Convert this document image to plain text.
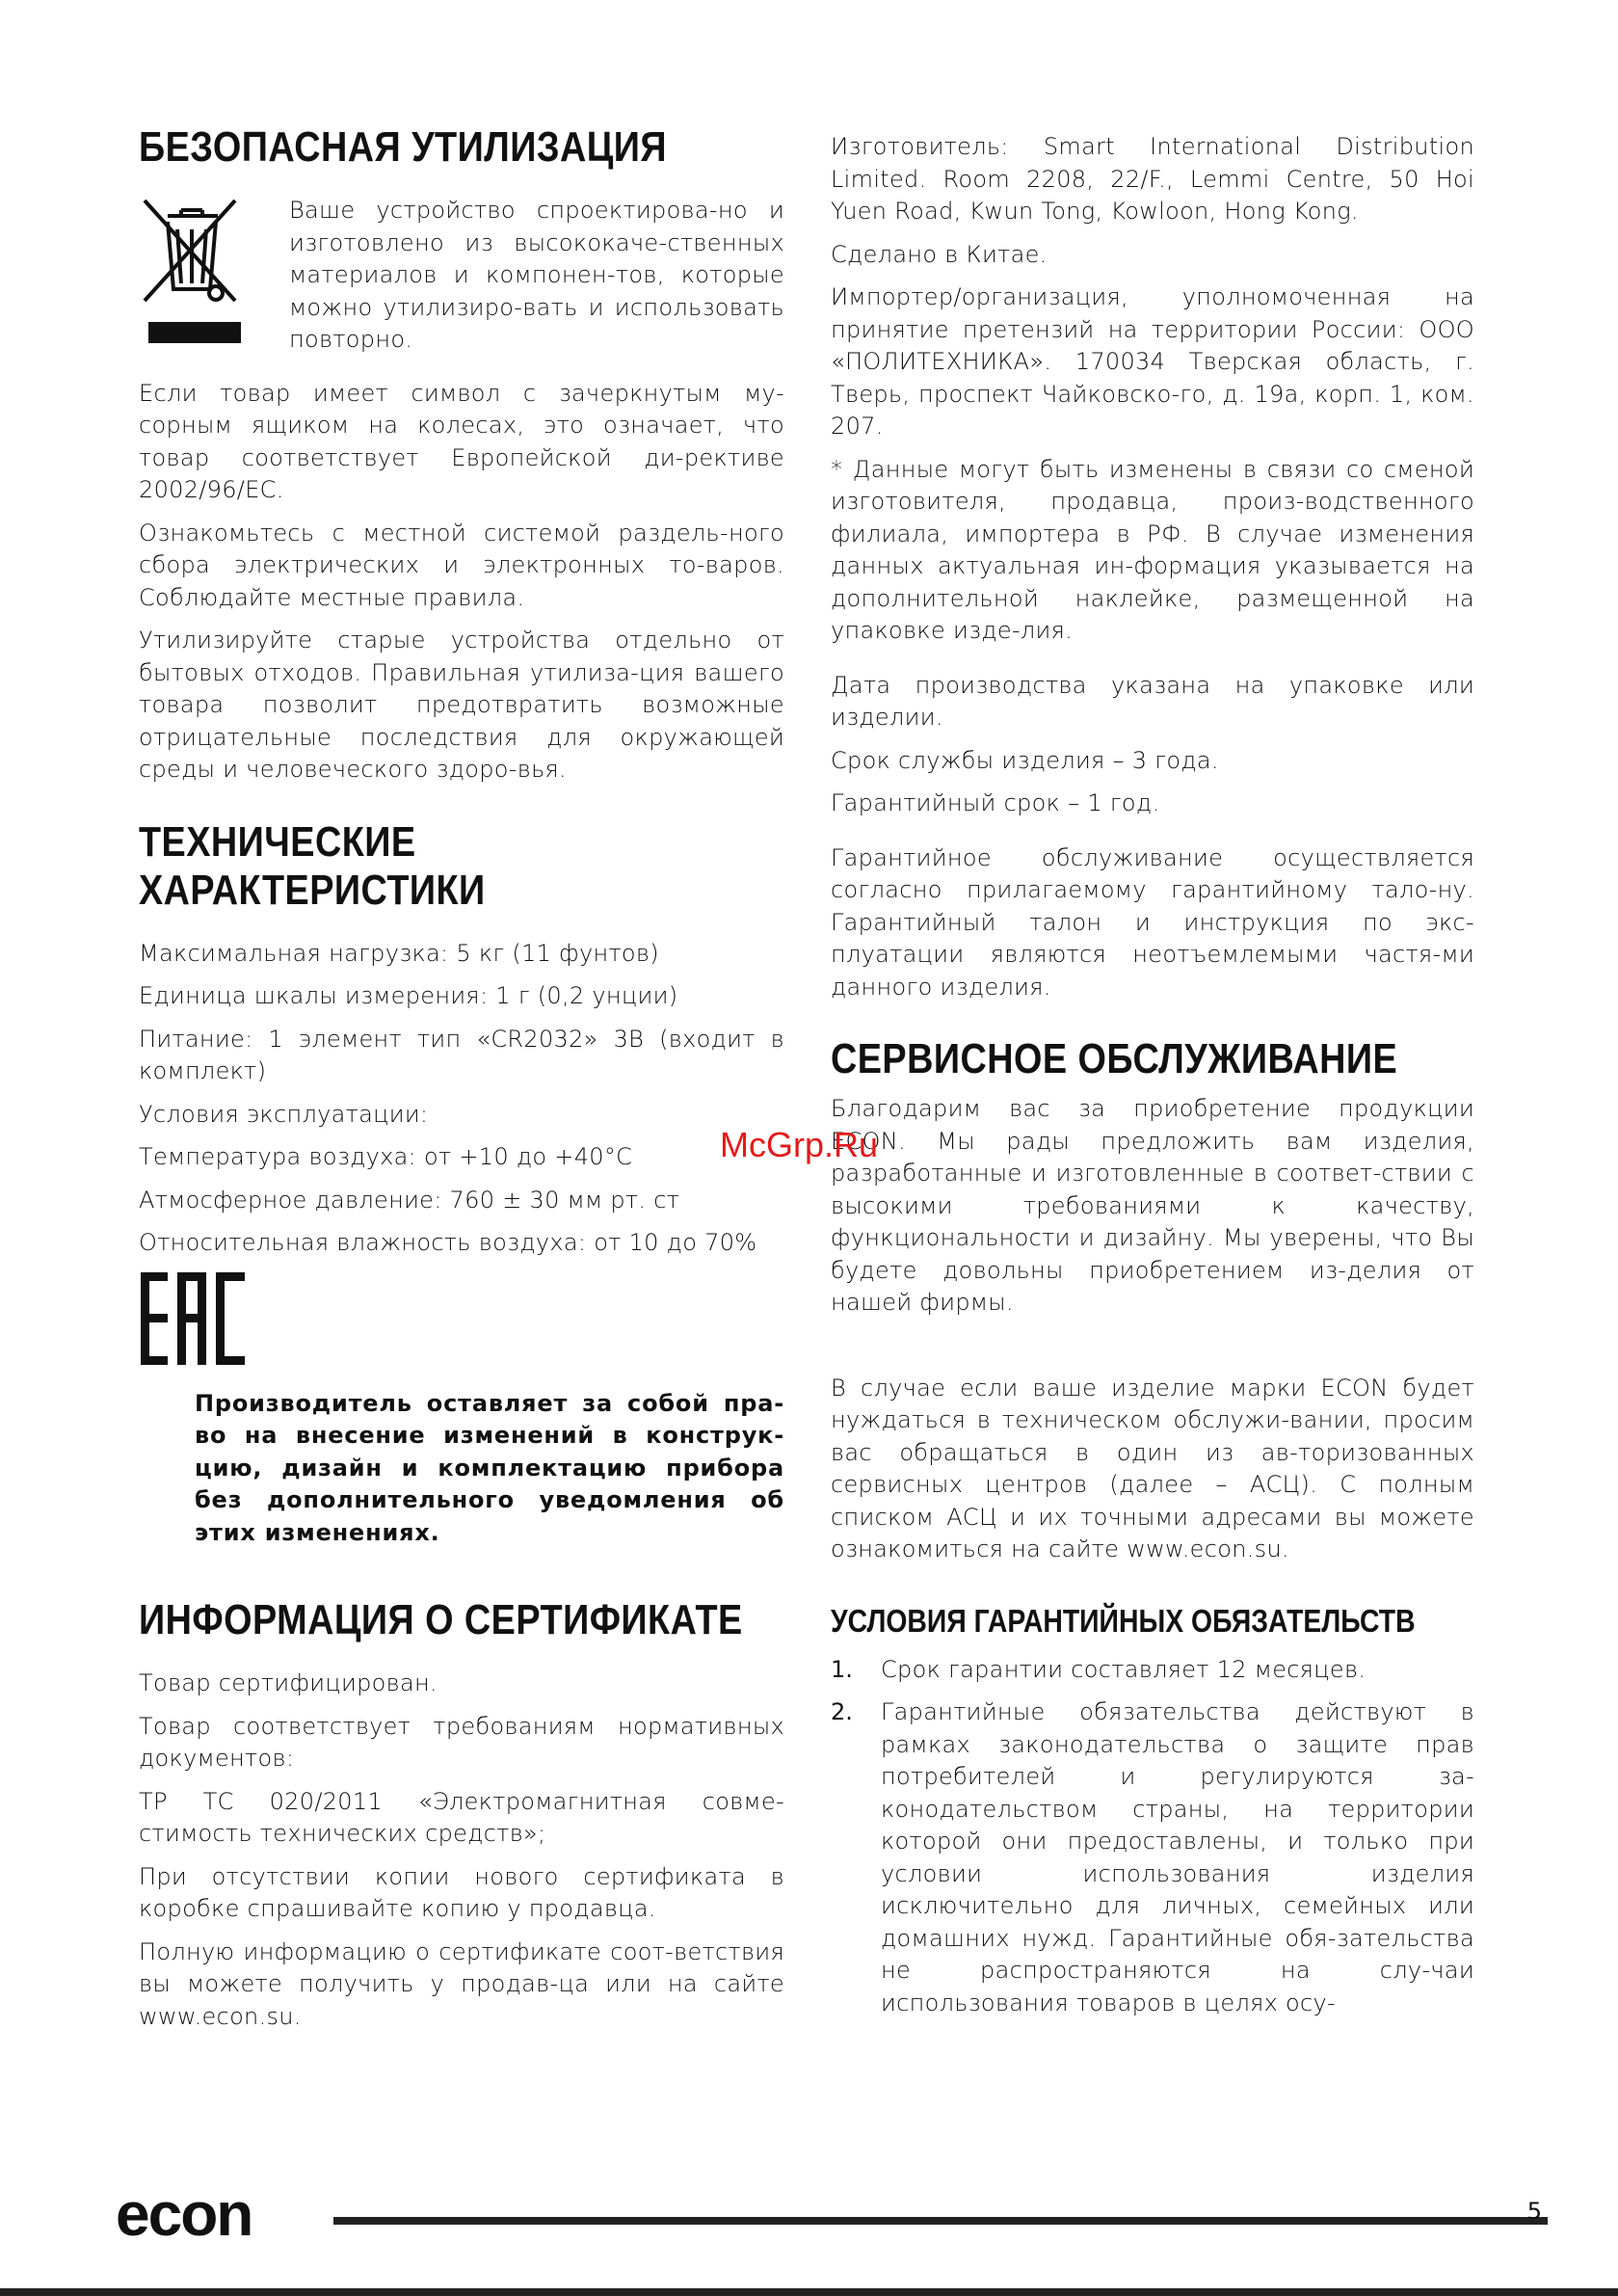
БЕЗОПАСНАЯ УТИЛИЗАЦИЯ

Ваше устройство спроектирова-но и изготовлено из высококаче-ственных материалов и компонен-тов, которые можно утилизиро-вать и использовать повторно.

Если товар имеет символ с зачеркнутым му-сорным ящиком на колесах, это означает, что товар соответствует Европейской ди-рективе 2002/96/ЕС.

Ознакомьтесь с местной системой раздель-ного сбора электрических и электронных то-варов. Соблюдайте местные правила.

Утилизируйте старые устройства отдельно от бытовых отходов. Правильная утилиза-ция вашего товара позволит предотвратить возможные отрицательные последствия для окружающей среды и человеческого здоро-вья.

ТЕХНИЧЕСКИЕ
ХАРАКТЕРИСТИКИ

Максимальная нагрузка: 5 кг (11 фунтов)

Единица шкалы измерения: 1 г (0,2 унции)

Питание: 1 элемент тип «CR2032» 3В (входит в комплект)

Условия эксплуатации:

Температура воздуха: от +10 до +40°С

Атмосферное давление: 760 ± 30 мм рт. ст

Относительная влажность воздуха: от 10 до 70%

Производитель оставляет за собой пра-во на внесение изменений в конструк-цию, дизайн и комплектацию прибора без дополнительного уведомления об этих изменениях.

ИНФОРМАЦИЯ О СЕРТИФИКАТЕ

Товар сертифицирован.

Товар соответствует требованиям нормативных документов:

ТР ТС 020/2011 «Электромагнитная совме-стимость технических средств»;

При отсутствии копии нового сертификата в коробке спрашивайте копию у продавца.

Полную информацию о сертификате соот-ветствия вы можете получить у продав-ца или на сайте www.econ.su.

Изготовитель: Smart International Distribution Limited. Room 2208, 22/F., Lemmi Centre, 50 Hoi Yuen Road, Kwun Tong, Kowloon, Hong Kong.

Сделано в Китае.

Импортер/организация, уполномоченная на принятие претензий на территории России: ООО «ПОЛИТЕХНИКА». 170034 Тверская область, г. Тверь, проспект Чайковско-го, д. 19а, корп. 1, ком. 207.

* Данные могут быть изменены в связи со сменой изготовителя, продавца, произ-водственного филиала, импортера в РФ. В случае изменения данных актуальная ин-формация указывается на дополнительной наклейке, размещенной на упаковке изде-лия.

Дата производства указана на упаковке или изделии.

Срок службы изделия – 3 года.

Гарантийный срок – 1 год.

Гарантийное обслуживание осуществляется согласно прилагаемому гарантийному тало-ну. Гарантийный талон и инструкция по экс-плуатации являются неотъемлемыми частя-ми данного изделия.

СЕРВИСНОЕ ОБСЛУЖИВАНИЕ

Благодарим вас за приобретение продукции ECON. Мы рады предложить вам изделия, разработанные и изготовленные в соответ-ствии с высокими требованиями к качеству, функциональности и дизайну. Мы уверены, что Вы будете довольны приобретением из-делия от нашей фирмы.

В случае если ваше изделие марки ECON будет нуждаться в техническом обслужи-вании, просим вас обращаться в один из ав-торизованных сервисных центров (далее – АСЦ). С полным списком АСЦ и их точными адресами вы можете ознакомиться на сайте www.econ.su.

УСЛОВИЯ ГАРАНТИЙНЫХ ОБЯЗАТЕЛЬСТВ
1.	Срок гарантии составляет 12 месяцев.

2.	Гарантийные обязательства действуют в рамках законодательства о защите прав потребителей и регулируются за-конодательством страны, на территории которой они предоставлены, и только при условии использования изделия исключительно для личных, семейных или домашних нужд. Гарантийные обя-зательства не распространяются на слу-чаи использования товаров в целях осу-

McGrp.Ru
econ	5
